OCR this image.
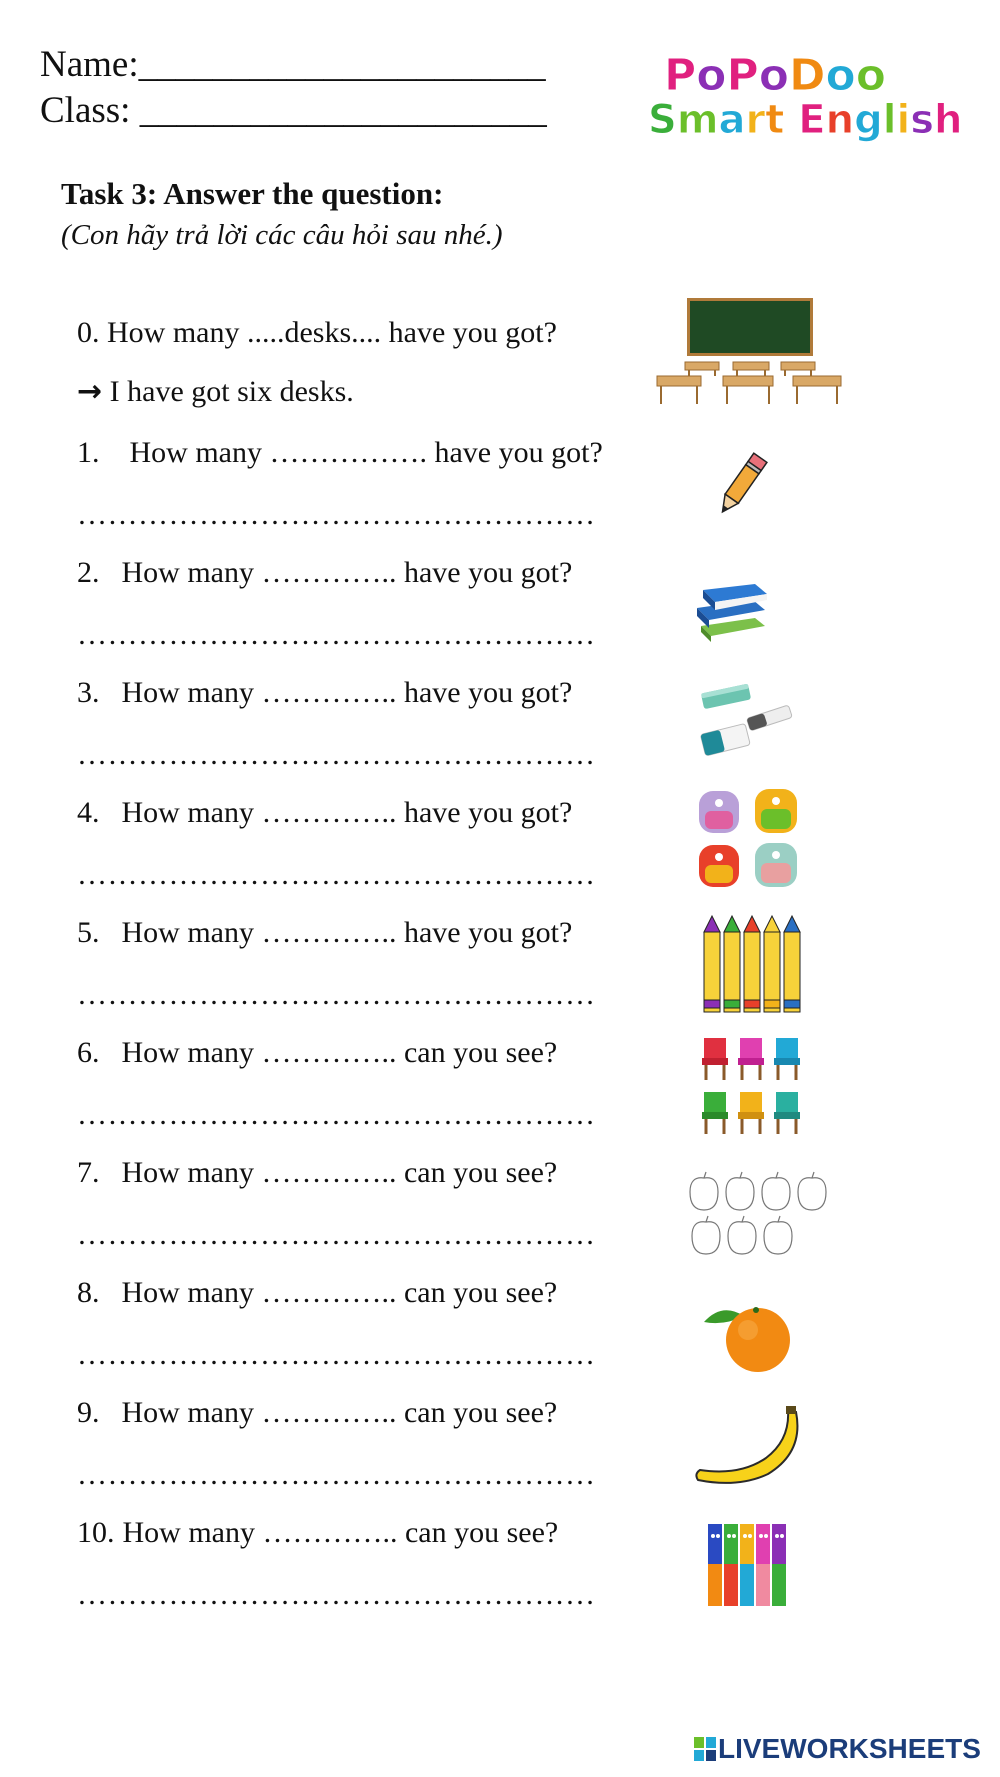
Name:______________________
Class: ______________________
PoPoDoo
Smart English
Task 3: Answer the question:
(Con hãy trả lời các câu hỏi sau nhé.)
0. How many .....desks.... have you got?
→ I have got six desks.
1. How many ……………. have you got?
……………………………………………
2. How many ………….. have you got?
……………………………………………
3. How many ………….. have you got?
……………………………………………
4. How many ………….. have you got?
……………………………………………
5. How many ………….. have you got?
……………………………………………
6. How many ………….. can you see?
……………………………………………
7. How many ………….. can you see?
……………………………………………
8. How many ………….. can you see?
……………………………………………
9. How many ………….. can you see?
……………………………………………
10. How many ………….. can you see?
……………………………………………
LIVEWORKSHEETS
